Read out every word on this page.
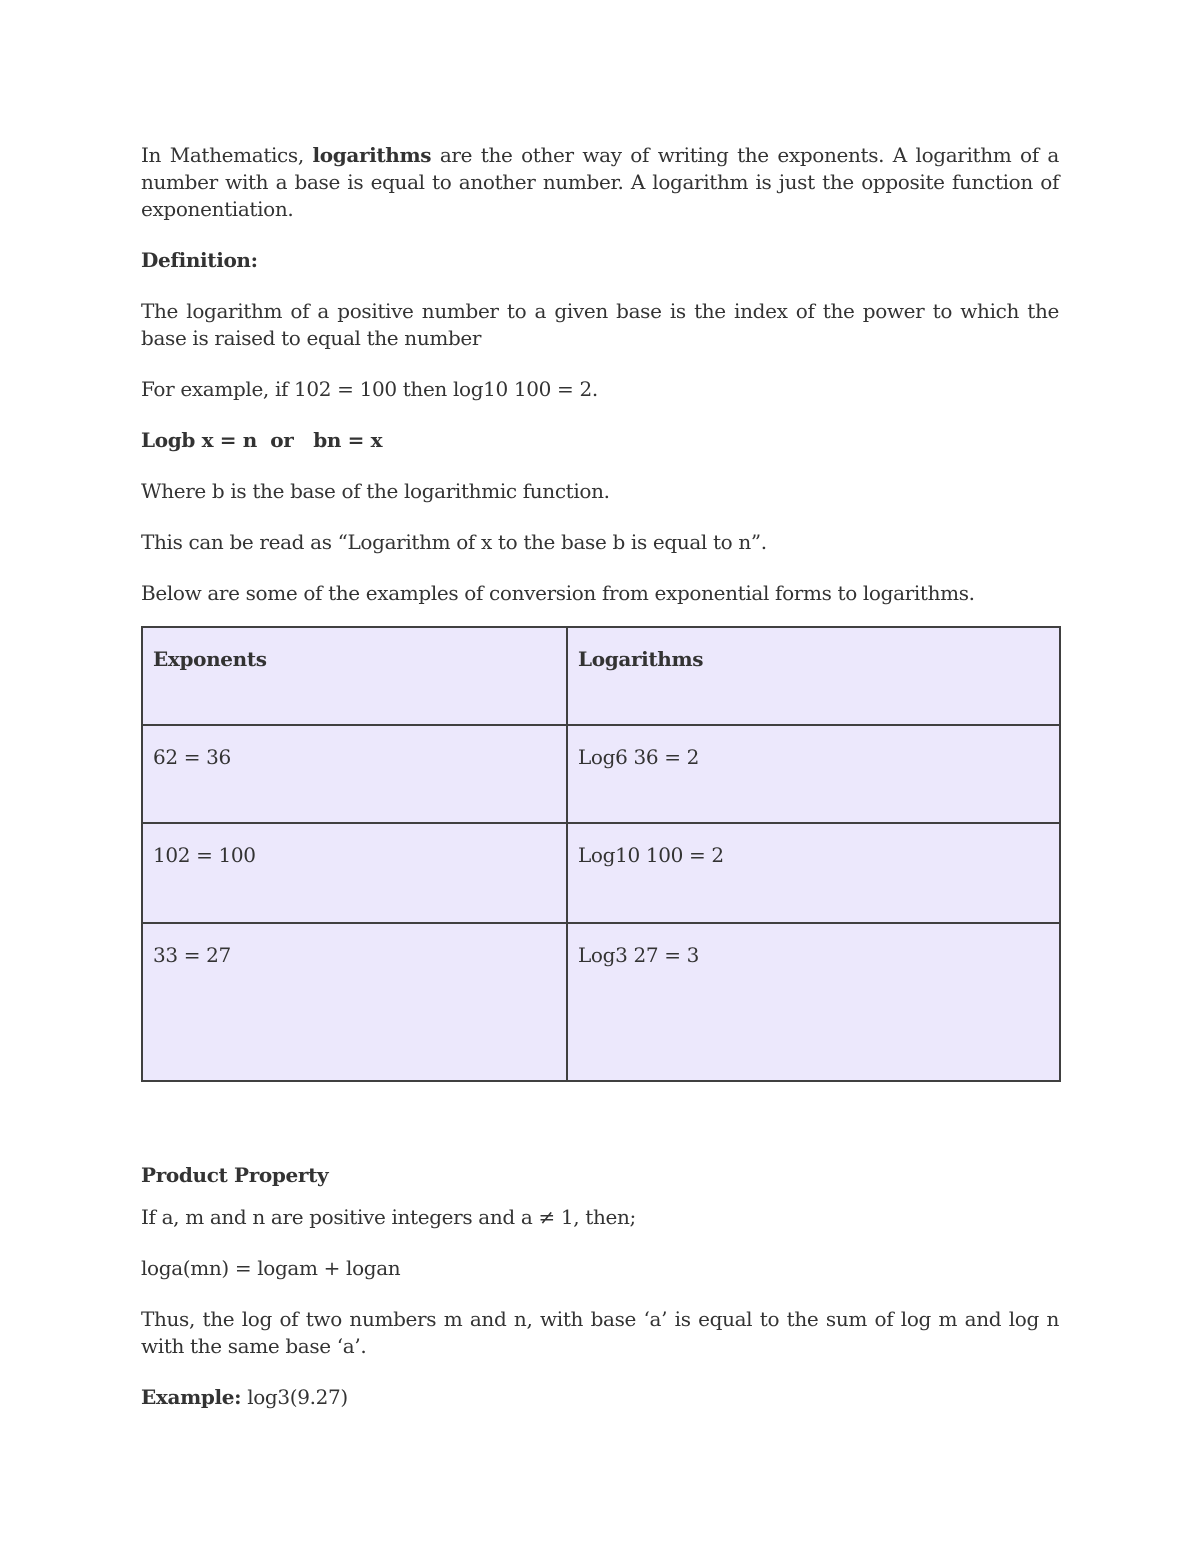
In Mathematics, logarithms are the other way of writing the exponents. A logarithm of a number with a base is equal to another number. A logarithm is just the opposite function of exponentiation.

Definition:

The logarithm of a positive number to a given base is the index of the power to which the base is raised to equal the number

For example, if 102 = 100 then log10 100 = 2.

Logb x = n  or   bn = x

Where b is the base of the logarithmic function.

This can be read as “Logarithm of x to the base b is equal to n”.

Below are some of the examples of conversion from exponential forms to logarithms.

Exponents	Logarithms
62 = 36	Log6 36 = 2
102 = 100	Log10 100 = 2
33 = 27	Log3 27 = 3

Product Property

If a, m and n are positive integers and a ≠ 1, then;

loga(mn) = logam + logan

Thus, the log of two numbers m and n, with base ‘a’ is equal to the sum of log m and log n with the same base ‘a’.

Example: log3(9.27)
